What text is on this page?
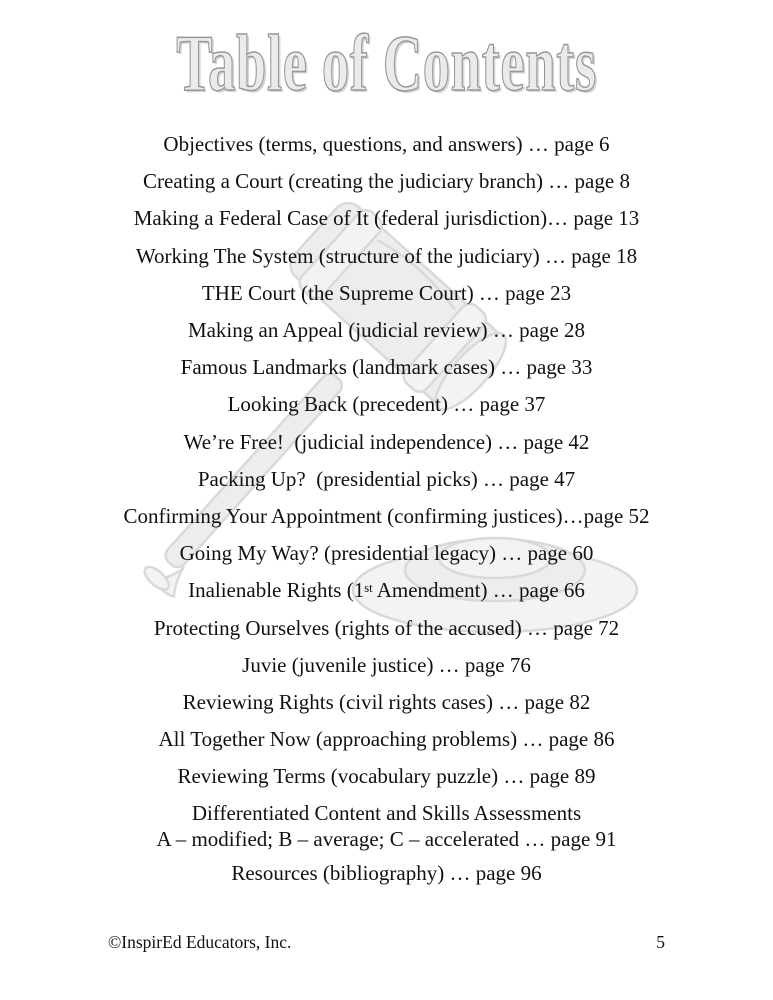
Table of Contents
Objectives (terms, questions, and answers) … page 6
Creating a Court (creating the judiciary branch) … page 8
Making a Federal Case of It (federal jurisdiction)… page 13
Working The System (structure of the judiciary) … page 18
THE Court (the Supreme Court) … page 23
Making an Appeal (judicial review) … page 28
Famous Landmarks (landmark cases) … page 33
Looking Back (precedent) … page 37
We’re Free!  (judicial independence) … page 42
Packing Up?  (presidential picks) … page 47
Confirming Your Appointment (confirming justices)…page 52
Going My Way? (presidential legacy) … page 60
Inalienable Rights (1st Amendment) … page 66
Protecting Ourselves (rights of the accused) … page 72
Juvie (juvenile justice) … page 76
Reviewing Rights (civil rights cases) … page 82
All Together Now (approaching problems) … page 86
Reviewing Terms (vocabulary puzzle) … page 89
Differentiated Content and Skills Assessments
A – modified; B – average; C – accelerated … page 91
Resources (bibliography) … page 96
©InspirEd Educators, Inc.	5
